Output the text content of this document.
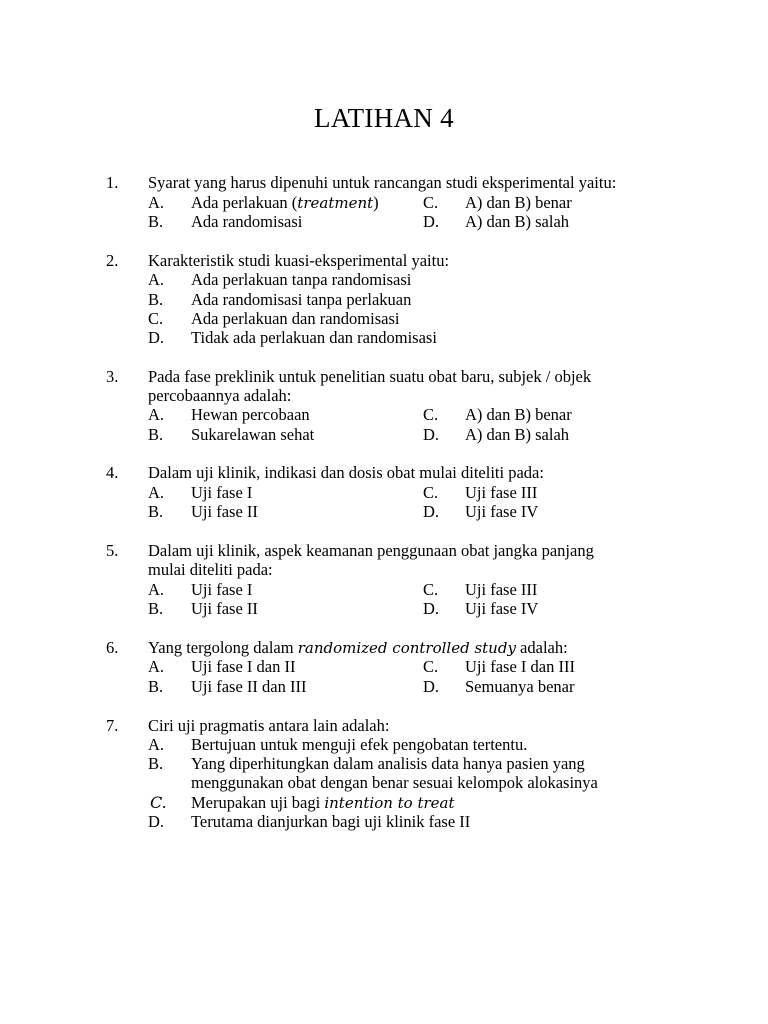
LATIHAN 4
1. Syarat yang harus dipenuhi untuk rancangan studi eksperimental yaitu:
A. Ada perlakuan (treatment)
B. Ada randomisasi
C. A) dan B) benar
D. A) dan B) salah
2. Karakteristik studi kuasi-eksperimental yaitu:
A. Ada perlakuan tanpa randomisasi
B. Ada randomisasi tanpa perlakuan
C. Ada perlakuan dan randomisasi
D. Tidak ada perlakuan dan randomisasi
3. Pada fase preklinik untuk penelitian suatu obat baru, subjek / objek
percobaannya adalah:
A. Hewan percobaan
B. Sukarelawan sehat
C. A) dan B) benar
D. A) dan B) salah
4. Dalam uji klinik, indikasi dan dosis obat mulai diteliti pada:
A. Uji fase I
B. Uji fase II
C. Uji fase III
D. Uji fase IV
5. Dalam uji klinik, aspek keamanan penggunaan obat jangka panjang
mulai diteliti pada:
A. Uji fase I
B. Uji fase II
C. Uji fase III
D. Uji fase IV
6. Yang tergolong dalam randomized controlled study adalah:
A. Uji fase I dan II
B. Uji fase II dan III
C. Uji fase I dan III
D. Semuanya benar
7. Ciri uji pragmatis antara lain adalah:
A. Bertujuan untuk menguji efek pengobatan tertentu.
B. Yang diperhitungkan dalam analisis data hanya pasien yang
menggunakan obat dengan benar sesuai kelompok alokasinya
C. Merupakan uji bagi intention to treat
D. Terutama dianjurkan bagi uji klinik fase II
